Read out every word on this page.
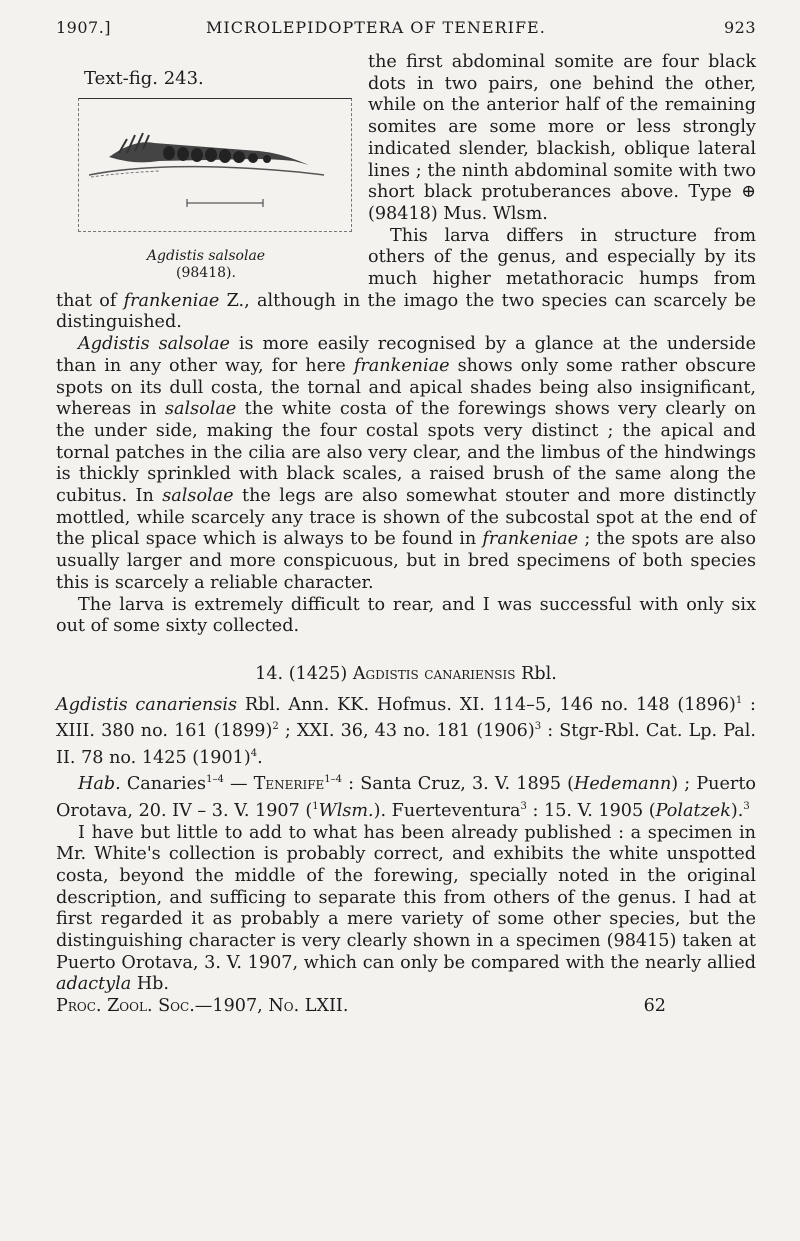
1907.]	MICROLEPIDOPTERA OF TENERIFE.	923
Text-fig. 243.
Agdistis salsolae
(98418).

the first abdominal somite are four black dots in two pairs, one behind the other, while on the anterior half of the remaining somites are some more or less strongly indicated slender, blackish, oblique lateral lines ; the ninth abdominal somite with two short black protuberances above. Type ⊕ (98418) Mus. Wlsm.

This larva differs in structure from others of the genus, and especially by its much higher metathoracic humps from that of frankeniae Z., although in the imago the two species can scarcely be distinguished.

Agdistis salsolae is more easily recognised by a glance at the underside than in any other way, for here frankeniae shows only some rather obscure spots on its dull costa, the tornal and apical shades being also insignificant, whereas in salsolae the white costa of the forewings shows very clearly on the under side, making the four costal spots very distinct ; the apical and tornal patches in the cilia are also very clear, and the limbus of the hindwings is thickly sprinkled with black scales, a raised brush of the same along the cubitus. In salsolae the legs are also somewhat stouter and more distinctly mottled, while scarcely any trace is shown of the subcostal spot at the end of the plical space which is always to be found in frankeniae ; the spots are also usually larger and more conspicuous, but in bred specimens of both species this is scarcely a reliable character.

The larva is extremely difficult to rear, and I was successful with only six out of some sixty collected.

14. (1425) Agdistis canariensis Rbl.

Agdistis canariensis Rbl. Ann. KK. Hofmus. XI. 114–5, 146 no. 148 $(1896)^1$ : XIII. 380 no. 161 $(1899)^2$ ; XXI. 36, 43 no. 181 $(1906)^3$ : Stgr-Rbl. Cat. Lp. Pal. II. 78 no. 1425 $(1901)^4$.

Hab. Canaries$^{1-4}$ — Tenerife$^{1-4}$ : Santa Cruz, 3. V. 1895 (Hedemann) ; Puerto Orotava, 20. IV – 3. V. 1907 ($^1$Wlsm.). Fuerteventura$^3$ : 15. V. 1905 (Polatzek).$^3$

I have but little to add to what has been already published : a specimen in Mr. White's collection is probably correct, and exhibits the white unspotted costa, beyond the middle of the forewing, specially noted in the original description, and sufficing to separate this from others of the genus. I had at first regarded it as probably a mere variety of some other species, but the distinguishing character is very clearly shown in a specimen (98415) taken at Puerto Orotava, 3. V. 1907, which can only be compared with the nearly allied adactyla Hb.

Proc. Zool. Soc.—1907, No. LXII.	62
